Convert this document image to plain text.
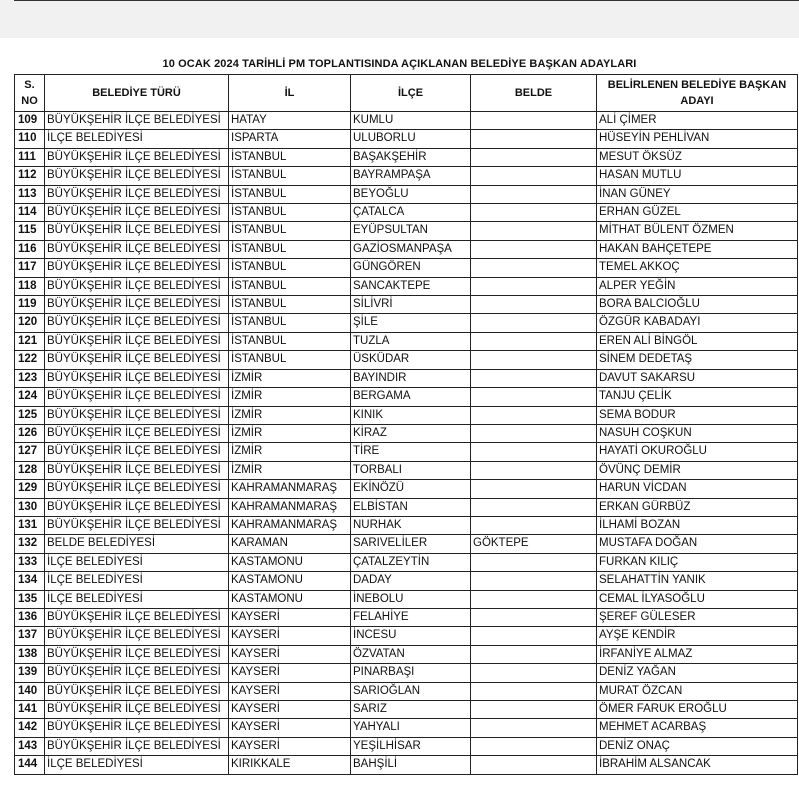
10 OCAK 2024 TARİHLİ PM TOPLANTISINDA AÇIKLANAN BELEDİYE BAŞKAN ADAYLARI
S. NO	BELEDİYE TÜRÜ	İL	İLÇE	BELDE	BELİRLENEN BELEDİYE BAŞKAN ADAYI
109	BÜYÜKŞEHİR İLÇE BELEDİYESİ	HATAY	KUMLU		ALİ ÇİMER
110	İLÇE BELEDİYESİ	ISPARTA	ULUBORLU		HÜSEYİN PEHLİVAN
111	BÜYÜKŞEHİR İLÇE BELEDİYESİ	İSTANBUL	BAŞAKŞEHİR		MESUT ÖKSÜZ
112	BÜYÜKŞEHİR İLÇE BELEDİYESİ	İSTANBUL	BAYRAMPAŞA		HASAN MUTLU
113	BÜYÜKŞEHİR İLÇE BELEDİYESİ	İSTANBUL	BEYOĞLU		İNAN GÜNEY
114	BÜYÜKŞEHİR İLÇE BELEDİYESİ	İSTANBUL	ÇATALCA		ERHAN GÜZEL
115	BÜYÜKŞEHİR İLÇE BELEDİYESİ	İSTANBUL	EYÜPSULTAN		MİTHAT BÜLENT ÖZMEN
116	BÜYÜKŞEHİR İLÇE BELEDİYESİ	İSTANBUL	GAZİOSMANPAŞA		HAKAN BAHÇETEPE
117	BÜYÜKŞEHİR İLÇE BELEDİYESİ	İSTANBUL	GÜNGÖREN		TEMEL AKKOÇ
118	BÜYÜKŞEHİR İLÇE BELEDİYESİ	İSTANBUL	SANCAKTEPE		ALPER YEĞİN
119	BÜYÜKŞEHİR İLÇE BELEDİYESİ	İSTANBUL	SİLİVRİ		BORA BALCIOĞLU
120	BÜYÜKŞEHİR İLÇE BELEDİYESİ	İSTANBUL	ŞİLE		ÖZGÜR KABADAYI
121	BÜYÜKŞEHİR İLÇE BELEDİYESİ	İSTANBUL	TUZLA		EREN ALİ BİNGÖL
122	BÜYÜKŞEHİR İLÇE BELEDİYESİ	İSTANBUL	ÜSKÜDAR		SİNEM DEDETAŞ
123	BÜYÜKŞEHİR İLÇE BELEDİYESİ	İZMİR	BAYINDIR		DAVUT SAKARSU
124	BÜYÜKŞEHİR İLÇE BELEDİYESİ	İZMİR	BERGAMA		TANJU ÇELİK
125	BÜYÜKŞEHİR İLÇE BELEDİYESİ	İZMİR	KINIK		SEMA BODUR
126	BÜYÜKŞEHİR İLÇE BELEDİYESİ	İZMİR	KİRAZ		NASUH COŞKUN
127	BÜYÜKŞEHİR İLÇE BELEDİYESİ	İZMİR	TİRE		HAYATİ OKUROĞLU
128	BÜYÜKŞEHİR İLÇE BELEDİYESİ	İZMİR	TORBALI		ÖVÜNÇ DEMİR
129	BÜYÜKŞEHİR İLÇE BELEDİYESİ	KAHRAMANMARAŞ	EKİNÖZÜ		HARUN VİCDAN
130	BÜYÜKŞEHİR İLÇE BELEDİYESİ	KAHRAMANMARAŞ	ELBİSTAN		ERKAN GÜRBÜZ
131	BÜYÜKŞEHİR İLÇE BELEDİYESİ	KAHRAMANMARAŞ	NURHAK		İLHAMİ BOZAN
132	BELDE BELEDİYESİ	KARAMAN	SARIVELİLER	GÖKTEPE	MUSTAFA DOĞAN
133	İLÇE BELEDİYESİ	KASTAMONU	ÇATALZEYTİN		FURKAN KILIÇ
134	İLÇE BELEDİYESİ	KASTAMONU	DADAY		SELAHATTİN YANIK
135	İLÇE BELEDİYESİ	KASTAMONU	İNEBOLU		CEMAL İLYASOĞLU
136	BÜYÜKŞEHİR İLÇE BELEDİYESİ	KAYSERİ	FELAHİYE		ŞEREF GÜLESER
137	BÜYÜKŞEHİR İLÇE BELEDİYESİ	KAYSERİ	İNCESU		AYŞE KENDİR
138	BÜYÜKŞEHİR İLÇE BELEDİYESİ	KAYSERİ	ÖZVATAN		İRFANİYE ALMAZ
139	BÜYÜKŞEHİR İLÇE BELEDİYESİ	KAYSERİ	PINARBAŞI		DENİZ YAĞAN
140	BÜYÜKŞEHİR İLÇE BELEDİYESİ	KAYSERİ	SARIOĞLAN		MURAT ÖZCAN
141	BÜYÜKŞEHİR İLÇE BELEDİYESİ	KAYSERİ	SARIZ		ÖMER FARUK EROĞLU
142	BÜYÜKŞEHİR İLÇE BELEDİYESİ	KAYSERİ	YAHYALI		MEHMET ACARBAŞ
143	BÜYÜKŞEHİR İLÇE BELEDİYESİ	KAYSERİ	YEŞİLHİSAR		DENİZ ONAÇ
144	İLÇE BELEDİYESİ	KIRIKKALE	BAHŞİLİ		İBRAHİM ALSANCAK
